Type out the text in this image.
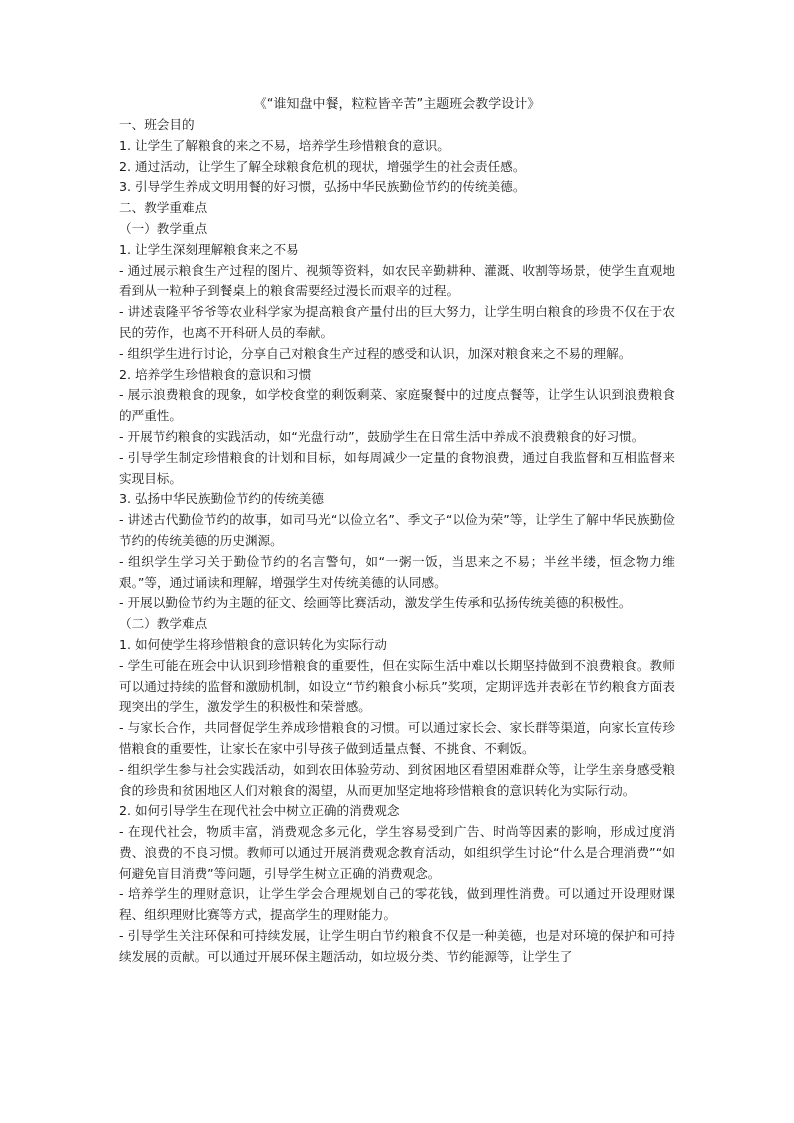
《“谁知盘中餐，粒粒皆辛苦”主题班会教学设计》

一、班会目的

1. 让学生了解粮食的来之不易，培养学生珍惜粮食的意识。

2. 通过活动，让学生了解全球粮食危机的现状，增强学生的社会责任感。

3. 引导学生养成文明用餐的好习惯，弘扬中华民族勤俭节约的传统美德。

二、教学重难点

（一）教学重点

1. 让学生深刻理解粮食来之不易

- 通过展示粮食生产过程的图片、视频等资料，如农民辛勤耕种、灌溉、收割等场景，使学生直观地看到从一粒种子到餐桌上的粮食需要经过漫长而艰辛的过程。

- 讲述袁隆平爷爷等农业科学家为提高粮食产量付出的巨大努力，让学生明白粮食的珍贵不仅在于农民的劳作，也离不开科研人员的奉献。

- 组织学生进行讨论，分享自己对粮食生产过程的感受和认识，加深对粮食来之不易的理解。

2. 培养学生珍惜粮食的意识和习惯

- 展示浪费粮食的现象，如学校食堂的剩饭剩菜、家庭聚餐中的过度点餐等，让学生认识到浪费粮食的严重性。

- 开展节约粮食的实践活动，如“光盘行动”，鼓励学生在日常生活中养成不浪费粮食的好习惯。

- 引导学生制定珍惜粮食的计划和目标，如每周减少一定量的食物浪费，通过自我监督和互相监督来实现目标。

3. 弘扬中华民族勤俭节约的传统美德

- 讲述古代勤俭节约的故事，如司马光“以俭立名”、季文子“以俭为荣”等，让学生了解中华民族勤俭节约的传统美德的历史渊源。

- 组织学生学习关于勤俭节约的名言警句，如“一粥一饭，当思来之不易；半丝半缕，恒念物力维艰。”等，通过诵读和理解，增强学生对传统美德的认同感。

- 开展以勤俭节约为主题的征文、绘画等比赛活动，激发学生传承和弘扬传统美德的积极性。

（二）教学难点

1. 如何使学生将珍惜粮食的意识转化为实际行动

- 学生可能在班会中认识到珍惜粮食的重要性，但在实际生活中难以长期坚持做到不浪费粮食。教师可以通过持续的监督和激励机制，如设立“节约粮食小标兵”奖项，定期评选并表彰在节约粮食方面表现突出的学生，激发学生的积极性和荣誉感。

- 与家长合作，共同督促学生养成珍惜粮食的习惯。可以通过家长会、家长群等渠道，向家长宣传珍惜粮食的重要性，让家长在家中引导孩子做到适量点餐、不挑食、不剩饭。

- 组织学生参与社会实践活动，如到农田体验劳动、到贫困地区看望困难群众等，让学生亲身感受粮食的珍贵和贫困地区人们对粮食的渴望，从而更加坚定地将珍惜粮食的意识转化为实际行动。

2. 如何引导学生在现代社会中树立正确的消费观念

- 在现代社会，物质丰富，消费观念多元化，学生容易受到广告、时尚等因素的影响，形成过度消费、浪费的不良习惯。教师可以通过开展消费观念教育活动，如组织学生讨论“什么是合理消费”“如何避免盲目消费”等问题，引导学生树立正确的消费观念。

- 培养学生的理财意识，让学生学会合理规划自己的零花钱，做到理性消费。可以通过开设理财课程、组织理财比赛等方式，提高学生的理财能力。

- 引导学生关注环保和可持续发展，让学生明白节约粮食不仅是一种美德，也是对环境的保护和可持续发展的贡献。可以通过开展环保主题活动，如垃圾分类、节约能源等，让学生了
